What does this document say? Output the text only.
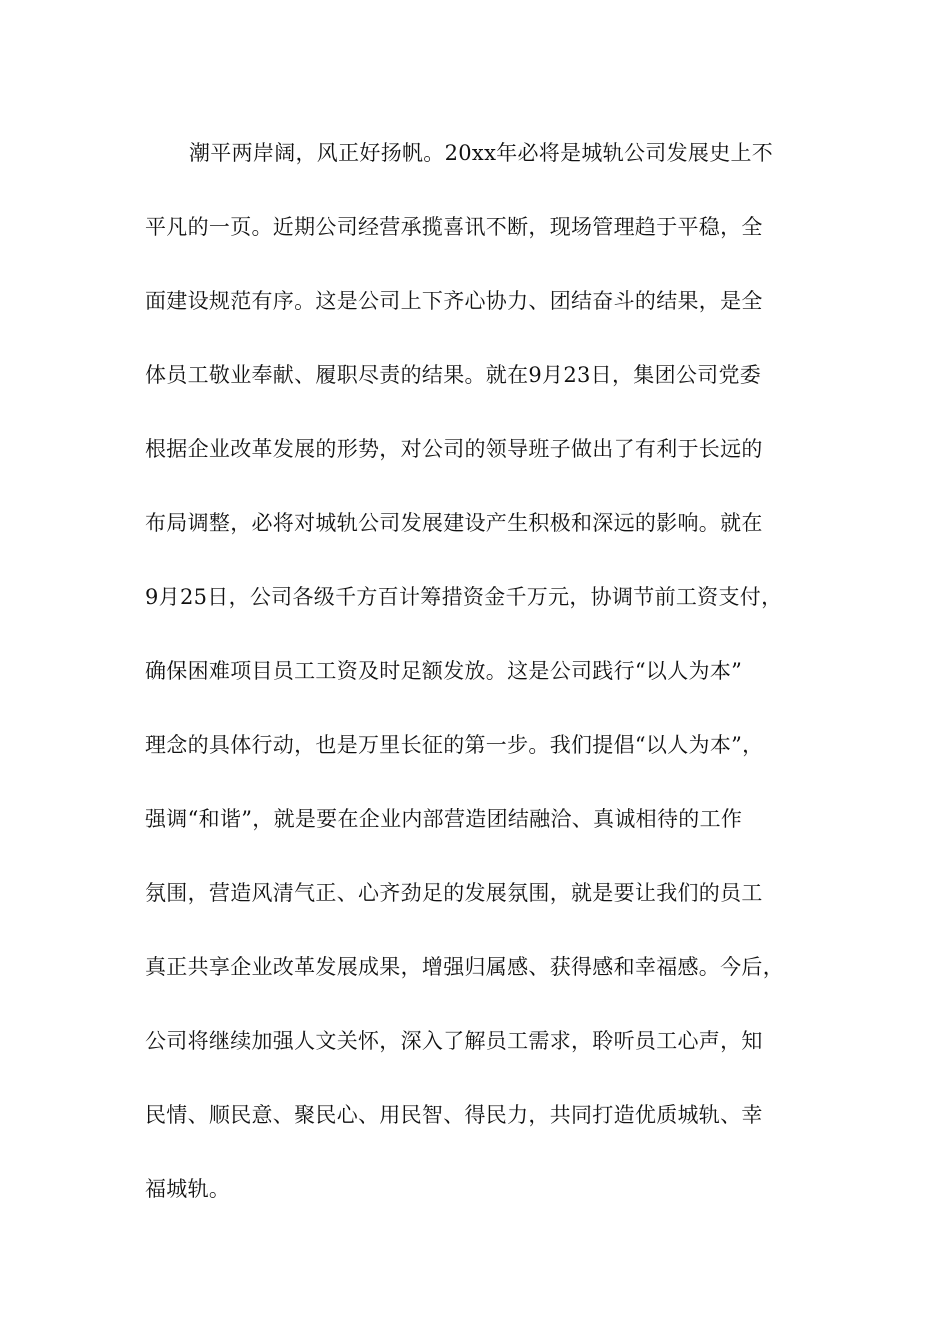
潮平两岸阔，风正好扬帆。20xx年必将是城轨公司发展史上不
平凡的一页。近期公司经营承揽喜讯不断，现场管理趋于平稳，全
面建设规范有序。这是公司上下齐心协力、团结奋斗的结果，是全
体员工敬业奉献、履职尽责的结果。就在9月23日，集团公司党委
根据企业改革发展的形势，对公司的领导班子做出了有利于长远的
布局调整，必将对城轨公司发展建设产生积极和深远的影响。就在
9月25日，公司各级千方百计筹措资金千万元，协调节前工资支付，
确保困难项目员工工资及时足额发放。这是公司践行“以人为本”
理念的具体行动，也是万里长征的第一步。我们提倡“以人为本”，
强调“和谐”，就是要在企业内部营造团结融洽、真诚相待的工作
氛围，营造风清气正、心齐劲足的发展氛围，就是要让我们的员工
真正共享企业改革发展成果，增强归属感、获得感和幸福感。今后，
公司将继续加强人文关怀，深入了解员工需求，聆听员工心声，知
民情、顺民意、聚民心、用民智、得民力，共同打造优质城轨、幸
福城轨。
